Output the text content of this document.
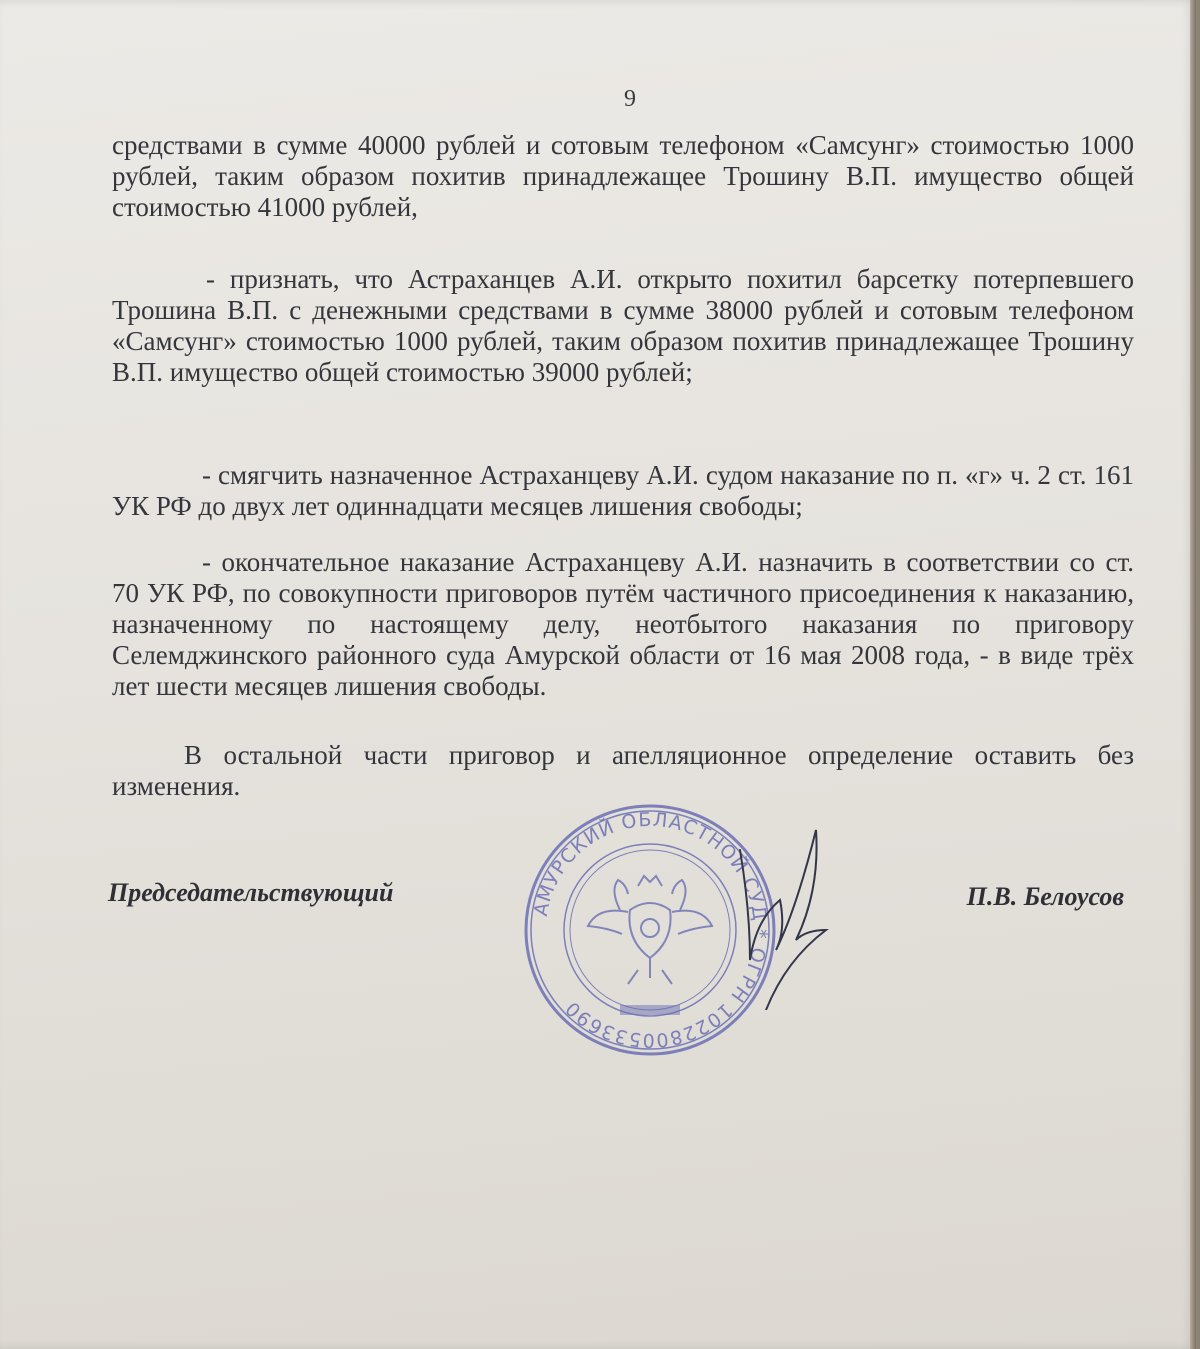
9

средствами в сумме 40000 рублей и сотовым телефоном «Самсунг» стоимостью 1000 рублей, таким образом похитив принадлежащее Трошину В.П. имущество общей стоимостью 41000 рублей,

- признать, что Астраханцев А.И. открыто похитил барсетку потерпевшего Трошина В.П. с денежными средствами в сумме 38000 рублей и сотовым телефоном «Самсунг» стоимостью 1000 рублей, таким образом похитив принадлежащее Трошину В.П. имущество общей стоимостью 39000 рублей;

- смягчить назначенное Астраханцеву А.И. судом наказание по п. «г» ч. 2 ст. 161 УК РФ до двух лет одиннадцати месяцев лишения свободы;

- окончательное наказание Астраханцеву А.И. назначить в соответствии со ст. 70 УК РФ, по совокупности приговоров путём частичного присоединения к наказанию, назначенному по настоящему делу, неотбытого наказания по приговору Селемджинского районного суда Амурской области от 16 мая 2008 года, - в виде трёх лет шести месяцев лишения свободы.

В остальной части приговор и апелляционное определение оставить без изменения.

Председательствующий	П.В. Белоусов
АМУРСКИЙ ОБЛАСТНОЙ СУД * ОГРН 1022800533690
